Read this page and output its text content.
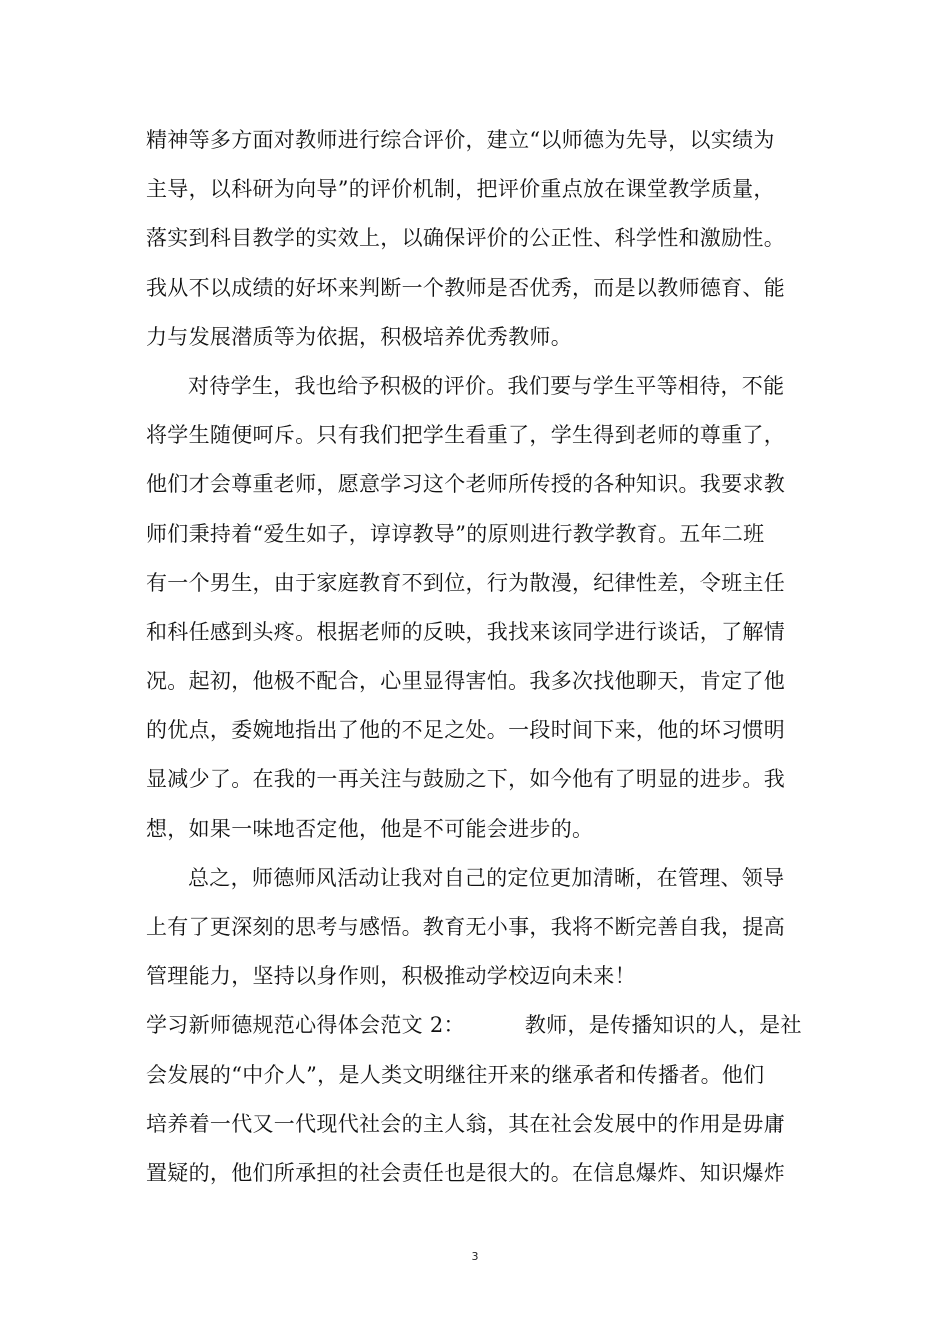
精神等多方面对教师进行综合评价，建立“以师德为先导，以实绩为
主导，以科研为向导”的评价机制，把评价重点放在课堂教学质量，
落实到科目教学的实效上，以确保评价的公正性、科学性和激励性。
我从不以成绩的好坏来判断一个教师是否优秀，而是以教师德育、能
力与发展潜质等为依据，积极培养优秀教师。
对待学生，我也给予积极的评价。我们要与学生平等相待，不能
将学生随便呵斥。只有我们把学生看重了，学生得到老师的尊重了，
他们才会尊重老师，愿意学习这个老师所传授的各种知识。我要求教
师们秉持着“爱生如子，谆谆教导”的原则进行教学教育。五年二班
有一个男生，由于家庭教育不到位，行为散漫，纪律性差，令班主任
和科任感到头疼。根据老师的反映，我找来该同学进行谈话，了解情
况。起初，他极不配合，心里显得害怕。我多次找他聊天，肯定了他
的优点，委婉地指出了他的不足之处。一段时间下来，他的坏习惯明
显减少了。在我的一再关注与鼓励之下，如今他有了明显的进步。我
想，如果一味地否定他，他是不可能会进步的。
总之，师德师风活动让我对自己的定位更加清晰，在管理、领导
上有了更深刻的思考与感悟。教育无小事，我将不断完善自我，提高
管理能力，坚持以身作则，积极推动学校迈向未来！
学习新师德规范心得体会范文 2：	教师，是传播知识的人，是社
会发展的“中介人”，是人类文明继往开来的继承者和传播者。他们
培养着一代又一代现代社会的主人翁，其在社会发展中的作用是毋庸
置疑的，他们所承担的社会责任也是很大的。在信息爆炸、知识爆炸
3
